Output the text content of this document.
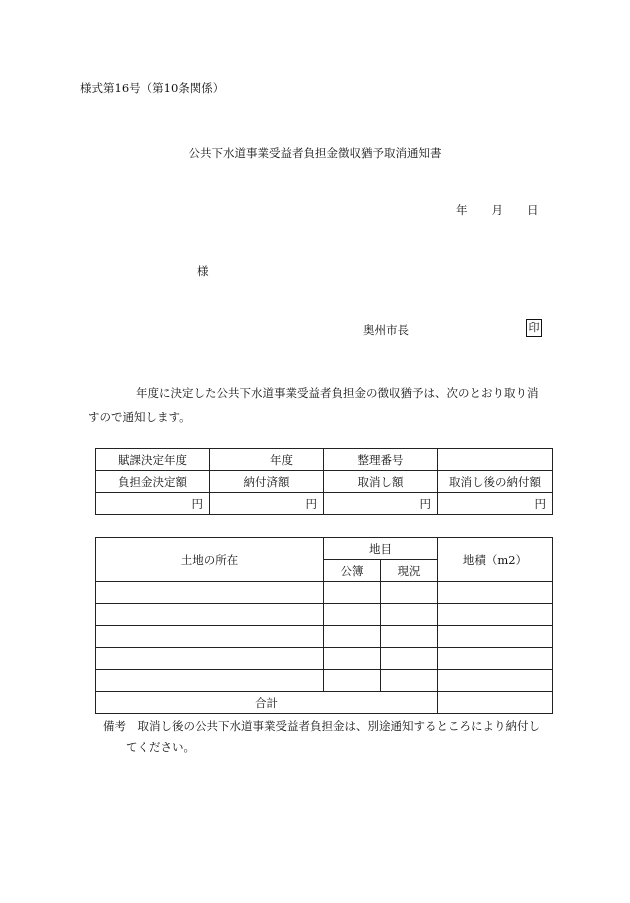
様式第16号（第10条関係）
公共下水道事業受益者負担金徴収猶予取消通知書
年 月 日
様
奥州市長	印
年度に決定した公共下水道事業受益者負担金の徴収猶予は、次のとおり取り消
すので通知します。
賦課決定年度	年度	整理番号	
負担金決定額	納付済額	取消し額	取消し後の納付額
円	円	円	円
土地の所在	地目		地積（m2）
	公簿	現況	

合計			
備考　取消し後の公共下水道事業受益者負担金は、別途通知するところにより納付し
てください。
